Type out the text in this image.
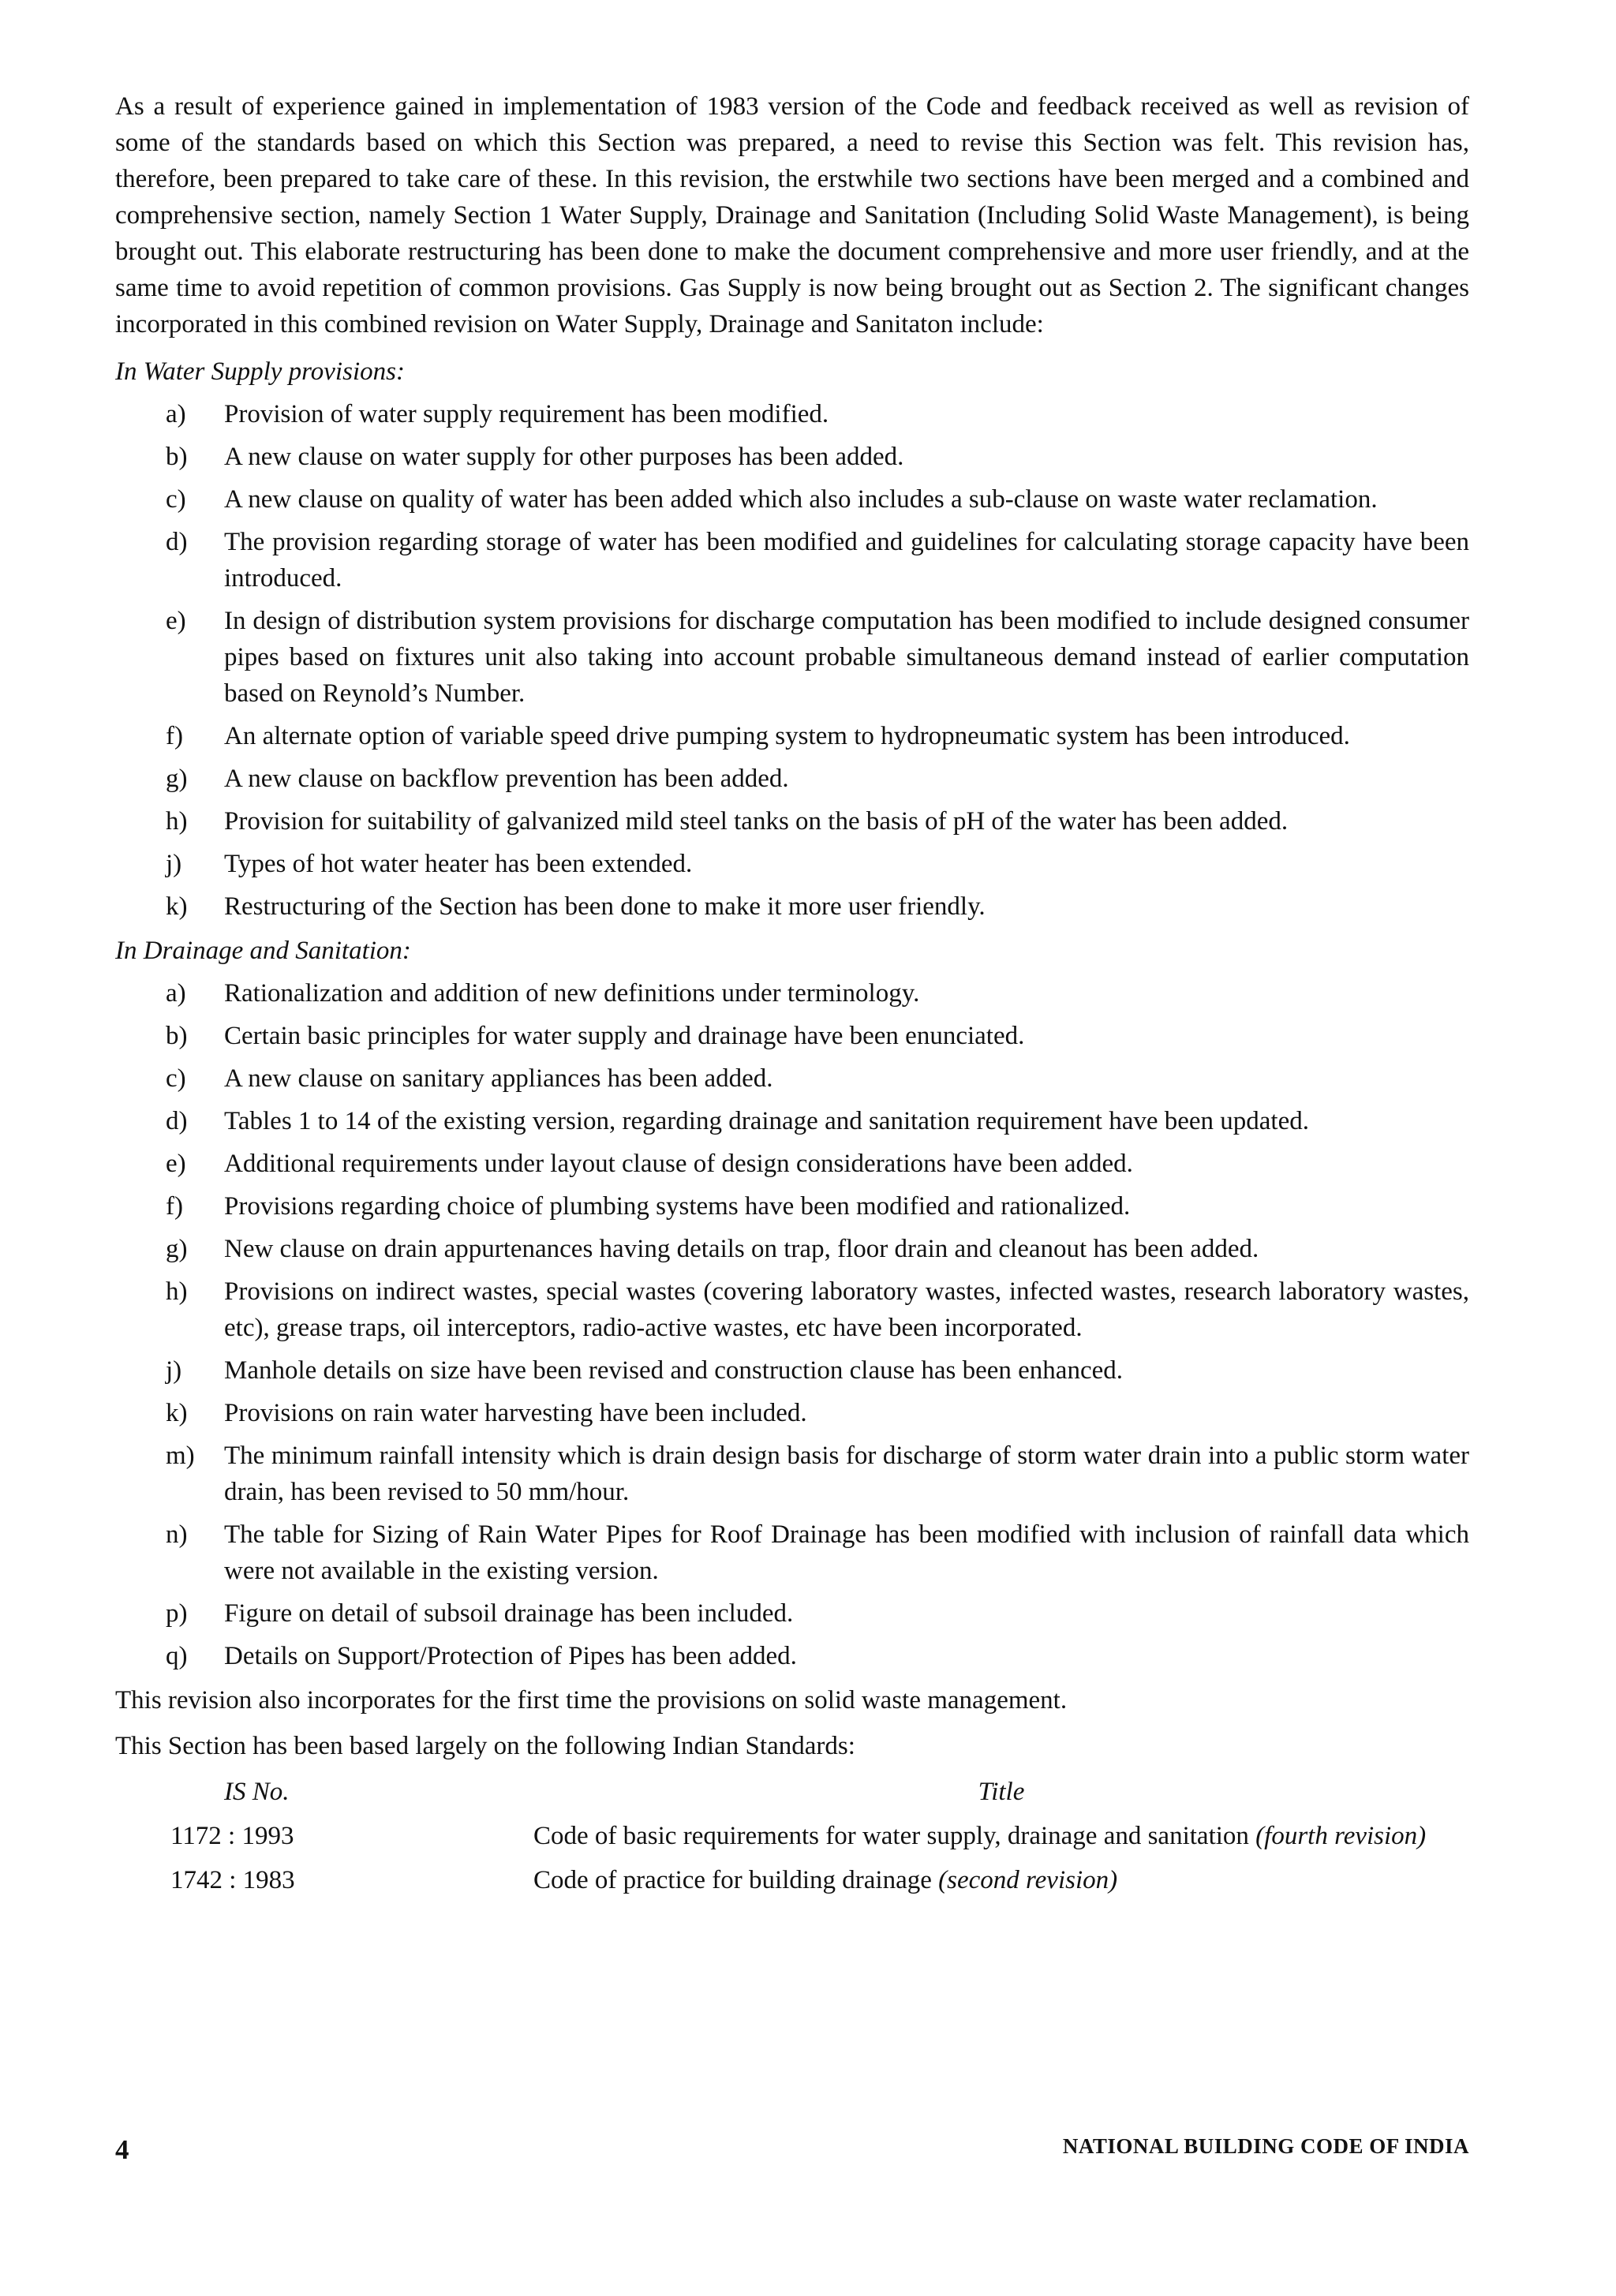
As a result of experience gained in implementation of 1983 version of the Code and feedback received as well as revision of some of the standards based on which this Section was prepared, a need to revise this Section was felt. This revision has, therefore, been prepared to take care of these. In this revision, the erstwhile two sections have been merged and a combined and comprehensive section, namely Section 1 Water Supply, Drainage and Sanitation (Including Solid Waste Management), is being brought out. This elaborate restructuring has been done to make the document comprehensive and more user friendly, and at the same time to avoid repetition of common provisions. Gas Supply is now being brought out as Section 2. The significant changes incorporated in this combined revision on Water Supply, Drainage and Sanitaton include:

In Water Supply provisions:

a) Provision of water supply requirement has been modified.
b) A new clause on water supply for other purposes has been added.
c) A new clause on quality of water has been added which also includes a sub-clause on waste water reclamation.
d) The provision regarding storage of water has been modified and guidelines for calculating storage capacity have been introduced.
e) In design of distribution system provisions for discharge computation has been modified to include designed consumer pipes based on fixtures unit also taking into account probable simultaneous demand instead of earlier computation based on Reynold’s Number.
f) An alternate option of variable speed drive pumping system to hydropneumatic system has been introduced.
g) A new clause on backflow prevention has been added.
h) Provision for suitability of galvanized mild steel tanks on the basis of pH of the water has been added.
j) Types of hot water heater has been extended.
k) Restructuring of the Section has been done to make it more user friendly.

In Drainage and Sanitation:

a) Rationalization and addition of new definitions under terminology.
b) Certain basic principles for water supply and drainage have been enunciated.
c) A new clause on sanitary appliances has been added.
d) Tables 1 to 14 of the existing version, regarding drainage and sanitation requirement have been updated.
e) Additional requirements under layout clause of design considerations have been added.
f) Provisions regarding choice of plumbing systems have been modified and rationalized.
g) New clause on drain appurtenances having details on trap, floor drain and cleanout has been added.
h) Provisions on indirect wastes, special wastes (covering laboratory wastes, infected wastes, research laboratory wastes, etc), grease traps, oil interceptors, radio-active wastes, etc have been incorporated.
j) Manhole details on size have been revised and construction clause has been enhanced.
k) Provisions on rain water harvesting have been included.
m) The minimum rainfall intensity which is drain design basis for discharge of storm water drain into a public storm water drain, has been revised to 50 mm/hour.
n) The table for Sizing of Rain Water Pipes for Roof Drainage has been modified with inclusion of rainfall data which were not available in the existing version.
p) Figure on detail of subsoil drainage has been included.
q) Details on Support/Protection of Pipes has been added.

This revision also incorporates for the first time the provisions on solid waste management.

This Section has been based largely on the following Indian Standards:

IS No.	Title
1172 : 1993	Code of basic requirements for water supply, drainage and sanitation (fourth revision)
1742 : 1983	Code of practice for building drainage (second revision)
4	NATIONAL BUILDING CODE OF INDIA
